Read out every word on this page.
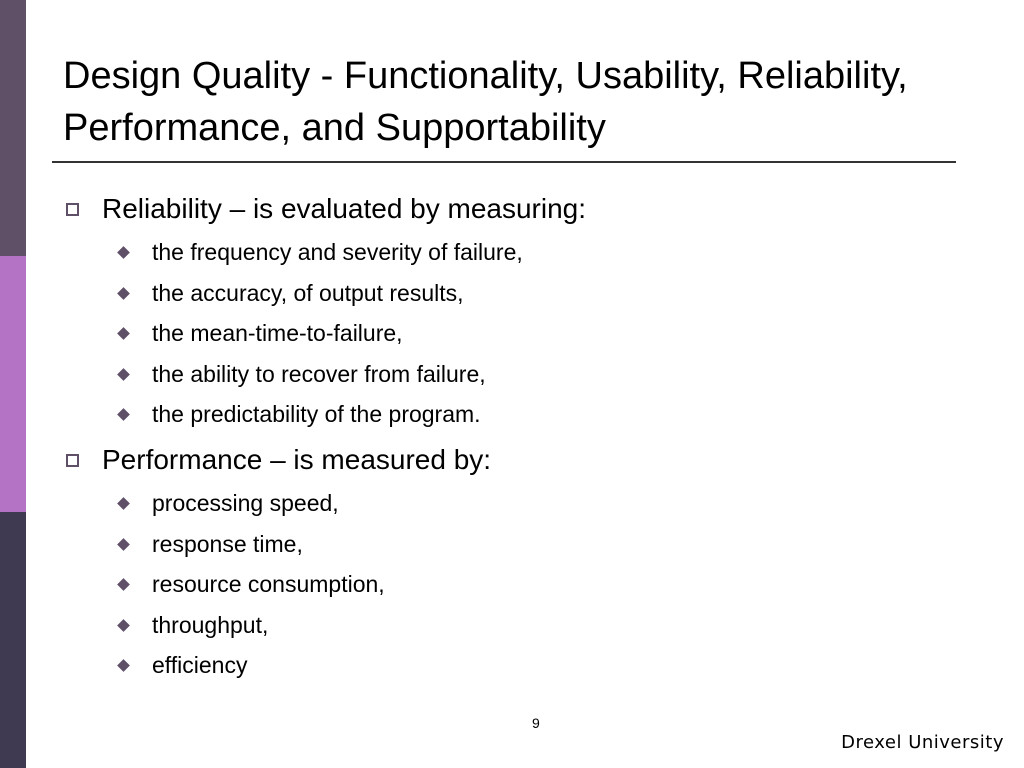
Design Quality - Functionality, Usability, Reliability, Performance, and Supportability
Reliability – is evaluated by measuring:
the frequency and severity of failure,
the accuracy, of output results,
the mean-time-to-failure,
the ability to recover from failure,
the predictability of the program.
Performance – is measured by:
processing speed,
response time,
resource consumption,
throughput,
efficiency
9
Drexel University
